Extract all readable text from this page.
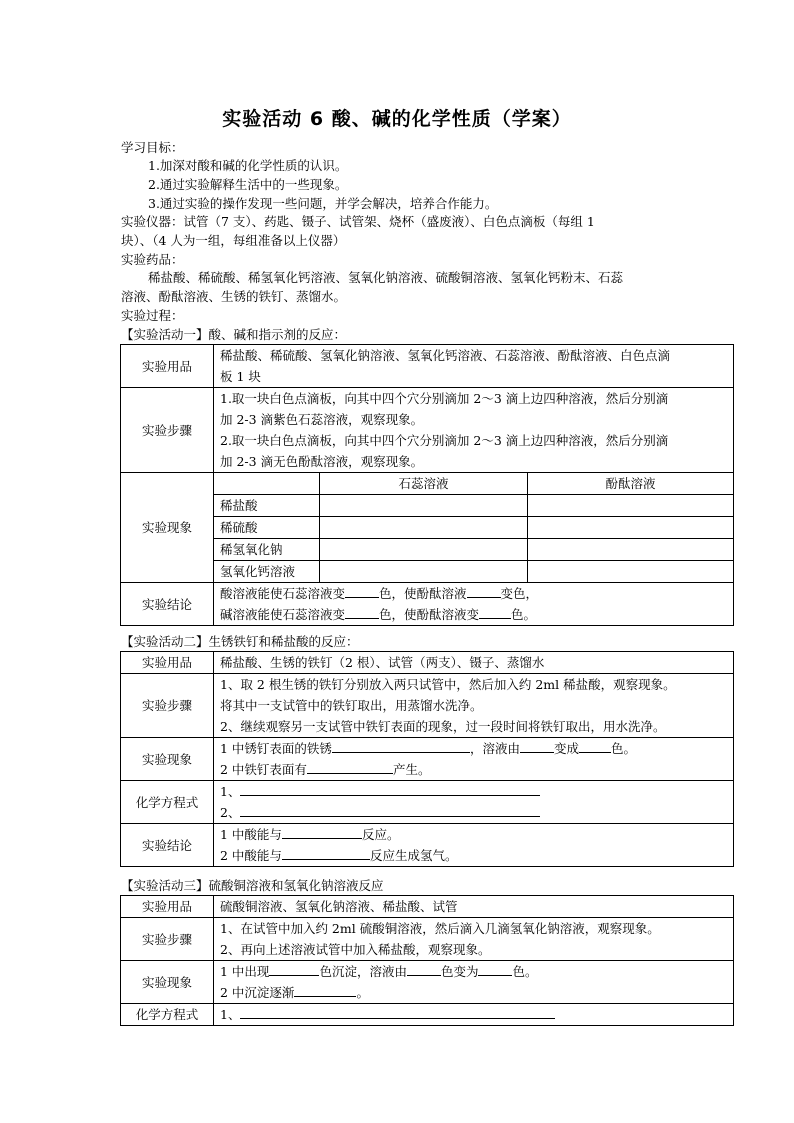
实验活动 6 酸、碱的化学性质（学案）
学习目标：
1.加深对酸和碱的化学性质的认识。
2.通过实验解释生活中的一些现象。
3.通过实验的操作发现一些问题，并学会解决，培养合作能力。
实验仪器：试管（7 支）、药匙、镊子、试管架、烧杯（盛废液）、白色点滴板（每组 1
块）、（4 人为一组，每组准备以上仪器）
实验药品：
稀盐酸、稀硫酸、稀氢氧化钙溶液、氢氧化钠溶液、硫酸铜溶液、氢氧化钙粉末、石蕊
溶液、酚酞溶液、生锈的铁钉、蒸馏水。
实验过程：
【实验活动一】酸、碱和指示剂的反应：
实验用品	稀盐酸、稀硫酸、氢氧化钠溶液、氢氧化钙溶液、石蕊溶液、酚酞溶液、白色点滴
板 1 块		

实验步骤	1.取一块白色点滴板，向其中四个穴分别滴加 2～3 滴上边四种溶液，然后分别滴
加 2-3 滴紫色石蕊溶液，观察现象。
2.取一块白色点滴板，向其中四个穴分别滴加 2～3 滴上边四种溶液，然后分别滴
加 2-3 滴无色酚酞溶液，观察现象。		

实验现象		石蕊溶液	酚酞溶液
	稀盐酸		
	稀硫酸		
	稀氢氧化钠		
	氢氧化钙溶液		
实验结论	酸溶液能使石蕊溶液变 色，使酚酞溶液 变色，
碱溶液能使石蕊溶液变 色，使酚酞溶液变 色。		
【实验活动二】生锈铁钉和稀盐酸的反应：
实验用品	稀盐酸、生锈的铁钉（2 根）、试管（两支）、镊子、蒸馏水
实验步骤	1、取 2 根生锈的铁钉分别放入两只试管中，然后加入约 2ml 稀盐酸，观察现象。
将其中一支试管中的铁钉取出，用蒸馏水洗净。
2、继续观察另一支试管中铁钉表面的现象，过一段时间将铁钉取出，用水洗净。

实验现象	1 中锈钉表面的铁锈 ，溶液由 变成 色。
2 中铁钉表面有 产生。

化学方程式	1、
2、

实验结论	1 中酸能与 反应。
2 中酸能与 反应生成氢气。
【实验活动三】硫酸铜溶液和氢氧化钠溶液反应
实验用品	硫酸铜溶液、氢氧化钠溶液、稀盐酸、试管
实验步骤	1、在试管中加入约 2ml 硫酸铜溶液，然后滴入几滴氢氧化钠溶液，观察现象。
2、再向上述溶液试管中加入稀盐酸，观察现象。

实验现象	1 中出现 色沉淀，溶液由 色变为 色。
2 中沉淀逐渐 。

化学方程式	1、
